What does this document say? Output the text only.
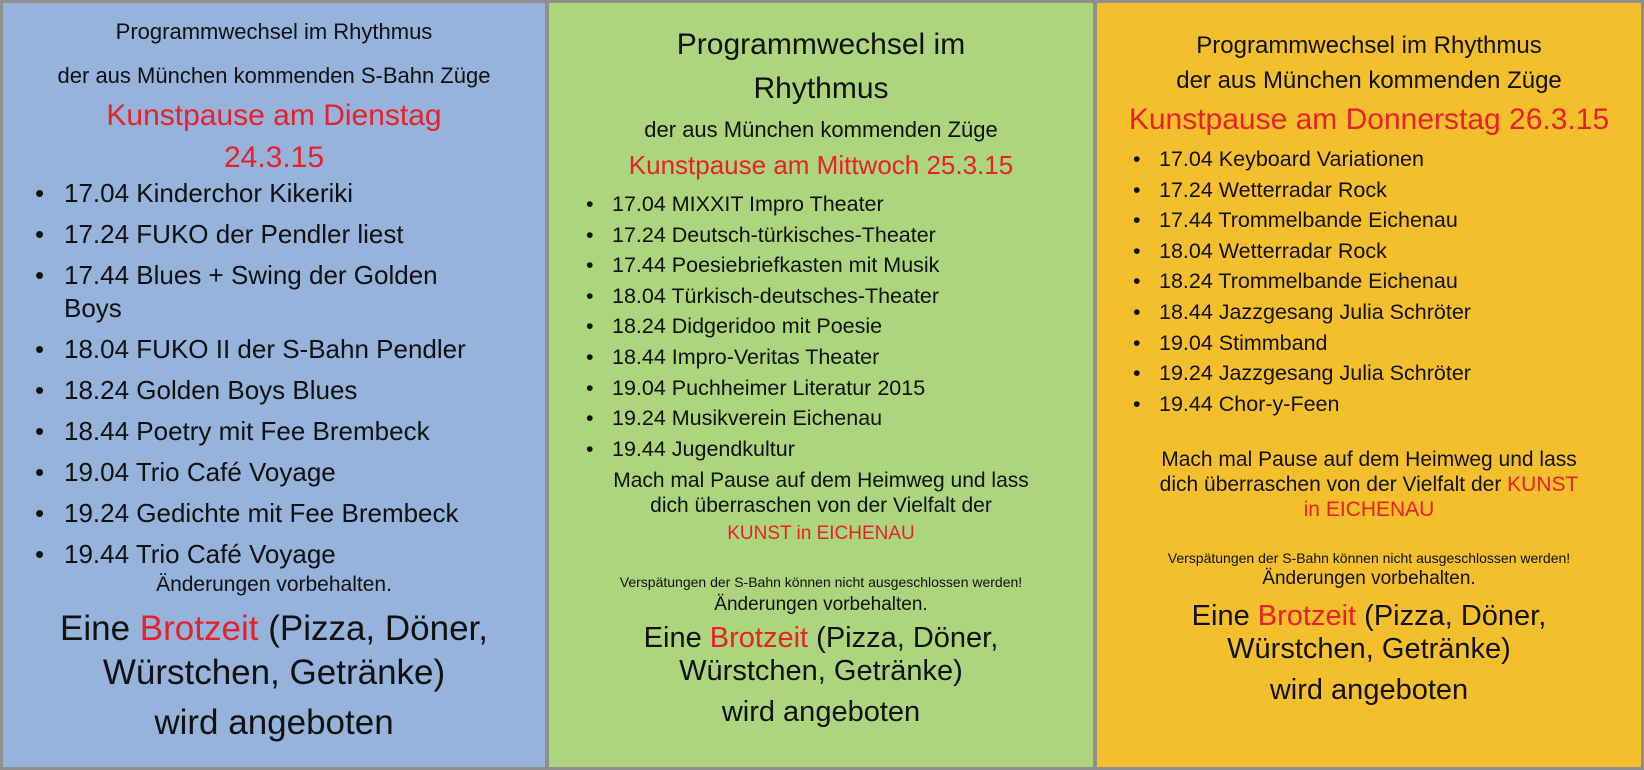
Programmwechsel im Rhythmus

der aus München kommenden S-Bahn Züge

Kunstpause am Dienstag

24.3.15

• 17.04 Kinderchor Kikeriki
• 17.24 FUKO der Pendler liest
• 17.44 Blues + Swing der Golden Boys
• 18.04 FUKO II der S-Bahn Pendler
• 18.24 Golden Boys Blues
• 18.44 Poetry mit Fee Brembeck
• 19.04 Trio Café Voyage
• 19.24 Gedichte mit Fee Brembeck
• 19.44 Trio Café Voyage

Änderungen vorbehalten.

Eine Brotzeit (Pizza, Döner,

Würstchen, Getränke)

wird angeboten

Programmwechsel im

Rhythmus

der aus München kommenden Züge

Kunstpause am Mittwoch 25.3.15

• 17.04 MIXXIT Impro Theater
• 17.24 Deutsch-türkisches-Theater
• 17.44 Poesiebriefkasten mit Musik
• 18.04 Türkisch-deutsches-Theater
• 18.24 Didgeridoo mit Poesie
• 18.44 Impro-Veritas Theater
• 19.04 Puchheimer Literatur 2015
• 19.24 Musikverein Eichenau
• 19.44 Jugendkultur

Mach mal Pause auf dem Heimweg und lass

dich überraschen von der Vielfalt der

KUNST in EICHENAU

Verspätungen der S-Bahn können nicht ausgeschlossen werden!

Änderungen vorbehalten.

Eine Brotzeit (Pizza, Döner,

Würstchen, Getränke)

wird angeboten

Programmwechsel im Rhythmus

der aus München kommenden Züge

Kunstpause am Donnerstag 26.3.15

• 17.04 Keyboard Variationen
• 17.24 Wetterradar Rock
• 17.44 Trommelbande Eichenau
• 18.04 Wetterradar Rock
• 18.24 Trommelbande Eichenau
• 18.44 Jazzgesang Julia Schröter
• 19.04 Stimmband
• 19.24 Jazzgesang Julia Schröter
• 19.44 Chor-y-Feen

Mach mal Pause auf dem Heimweg und lass

dich überraschen von der Vielfalt der KUNST

in EICHENAU

Verspätungen der S-Bahn können nicht ausgeschlossen werden!

Änderungen vorbehalten.

Eine Brotzeit (Pizza, Döner,

Würstchen, Getränke)

wird angeboten
